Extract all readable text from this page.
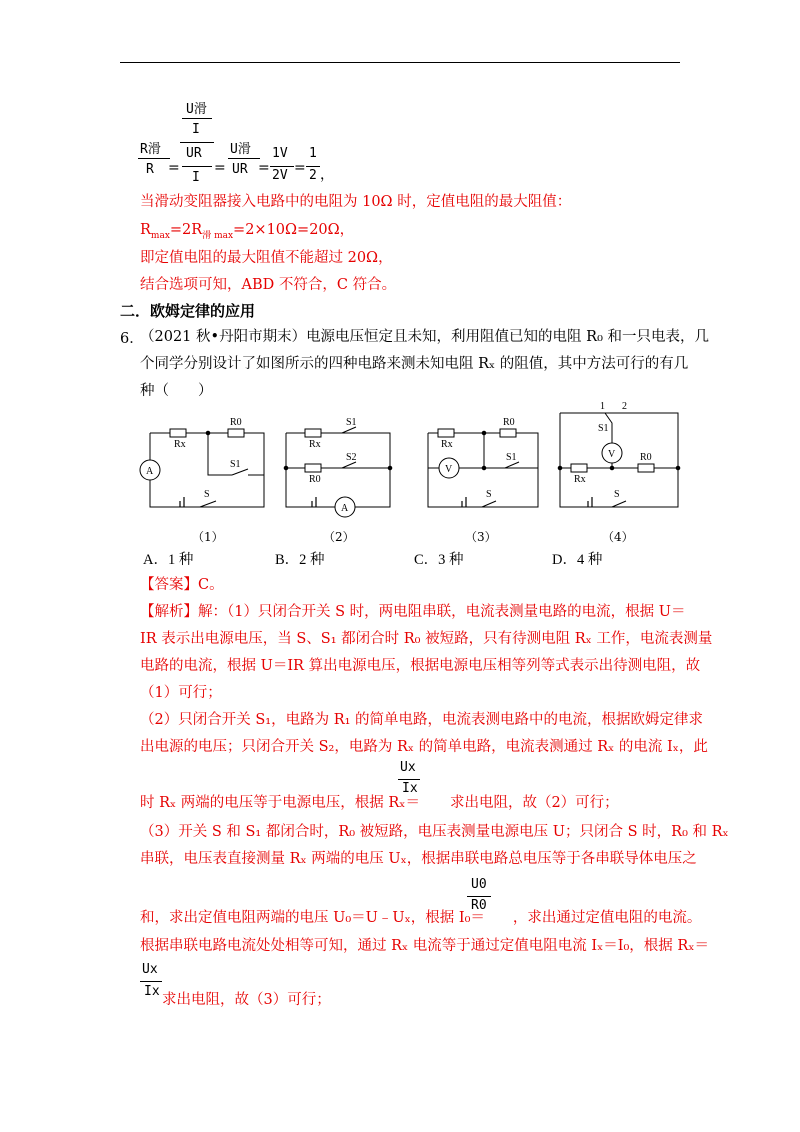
U滑
I
UR
I
R滑
R = =
U滑
UR =
1V
2V =
1
2 ，
当滑动变阻器接入电路中的电阻为 10Ω 时，定值电阻的最大阻值：
$R_{max}=2R_{滑 max}=2\times 10\Omega=20\Omega$，
即定值电阻的最大阻值不能超过 20Ω，
结合选项可知，ABD 不符合，C 符合。
二．欧姆定律的应用
6．
（2021 秋•丹阳市期末）电源电压恒定且未知，利用阻值已知的电阻 R₀ 和一只电表，几
个同学分别设计了如图所示的四种电路来测未知电阻 Rₓ 的阻值，其中方法可行的有几
种（　　）
Rx
R0
A
S1
S
Rx
R0
S1
S2
A
Rx
R0
V
S1
S
1 2
S1
V
Rx
R0
S
（1）	（2）	（3）	（4）
A．1 种	B．2 种	C．3 种	D．4 种
【答案】C。
【解析】解：（1）只闭合开关 S 时，两电阻串联，电流表测量电路的电流，根据 U＝
IR 表示出电源电压，当 S、S₁ 都闭合时 R₀ 被短路，只有待测电阻 Rₓ 工作，电流表测量
电路的电流，根据 U＝IR 算出电源电压，根据电源电压相等列等式表示出待测电阻，故
（1）可行；
（2）只闭合开关 S₁，电路为 R₁ 的简单电路，电流表测电路中的电流，根据欧姆定律求
出电源的电压；只闭合开关 S₂，电路为 Rₓ 的简单电路，电流表测通过 Rₓ 的电流 Iₓ，此
Ux
Ix
时 Rₓ 两端的电压等于电源电压，根据 Rₓ＝ 求出电阻，故（2）可行；
（3）开关 S 和 S₁ 都闭合时，R₀ 被短路，电压表测量电源电压 U；只闭合 S 时，R₀ 和 Rₓ
串联，电压表直接测量 Rₓ 两端的电压 Uₓ，根据串联电路总电压等于各串联导体电压之
U0
R0
和，求出定值电阻两端的电压 U₀＝U﹣Uₓ，根据 I₀＝ ，求出通过定值电阻的电流。
根据串联电路电流处处相等可知，通过 Rₓ 电流等于通过定值电阻电流 Iₓ＝I₀，根据 Rₓ＝
Ux
Ix
求出电阻，故（3）可行；
